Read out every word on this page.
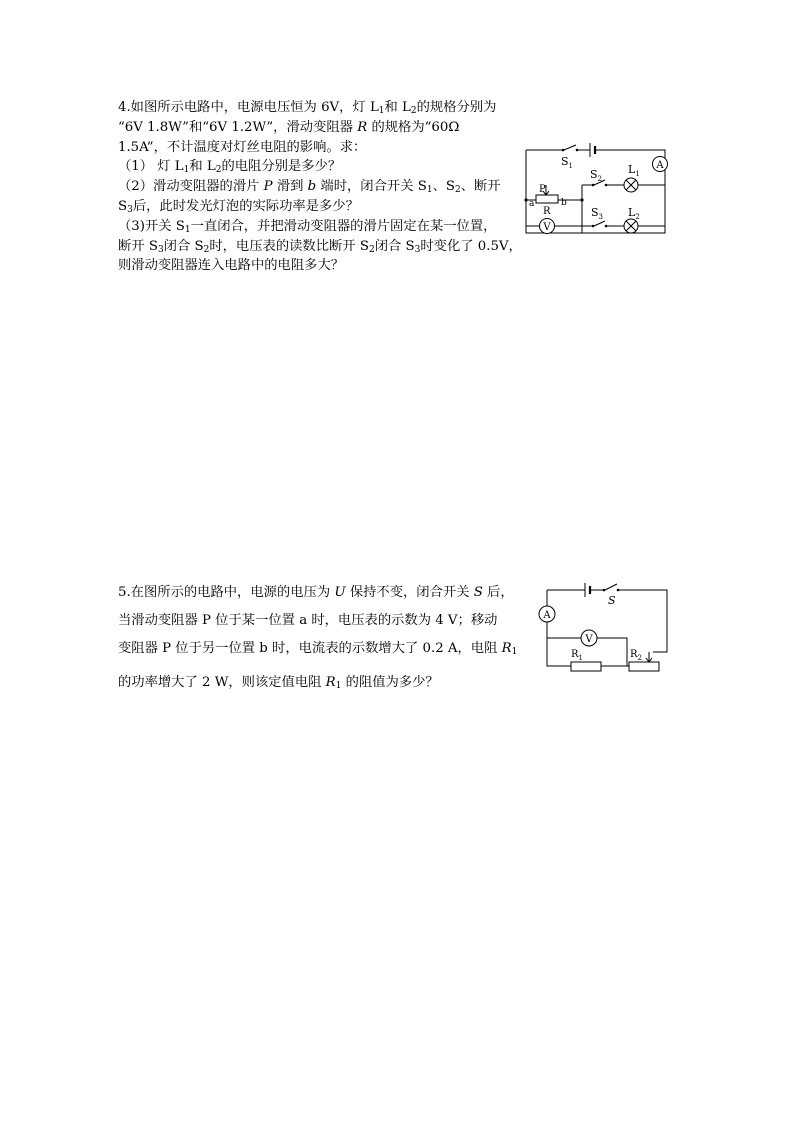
4.如图所示电路中，电源电压恒为 6V，灯 $L_1$和 $L_2$的规格分别为

“6V 1.8W”和“6V 1.2W”，滑动变阻器 R 的规格为“60Ω

1.5A”，不计温度对灯丝电阻的影响。求：

（1） 灯 $L_1$和 $L_2$的电阻分别是多少？

（2）滑动变阻器的滑片 P 滑到 b 端时，闭合开关 $S_1$、$S_2$、断开

$S_3$后，此时发光灯泡的实际功率是多少？

（3)开关 $S_1$一直闭合，并把滑动变阻器的滑片固定在某一位置，

断开 $S_3$闭合 $S_2$时，电压表的读数比断开 $S_2$闭合 $S_3$时变化了 0.5V，

则滑动变阻器连入电路中的电阻多大？

$S_1$	A
$S_2$
$L_1$
$S_3$ $L_2$
P
a	b
R
V

5.在图所示的电路中，电源的电压为 U 保持不变，闭合开关 S 后，

当滑动变阻器 P 位于某一位置 a 时，电压表的示数为 4 V；移动

变阻器 P 位于另一位置 b 时，电流表的示数增大了 0.2 A，电阻 $R_1$

的功率增大了 2 W，则该定值电阻 $R_1$ 的阻值为多少？

S
A
V
$R_1$	$R_2$
